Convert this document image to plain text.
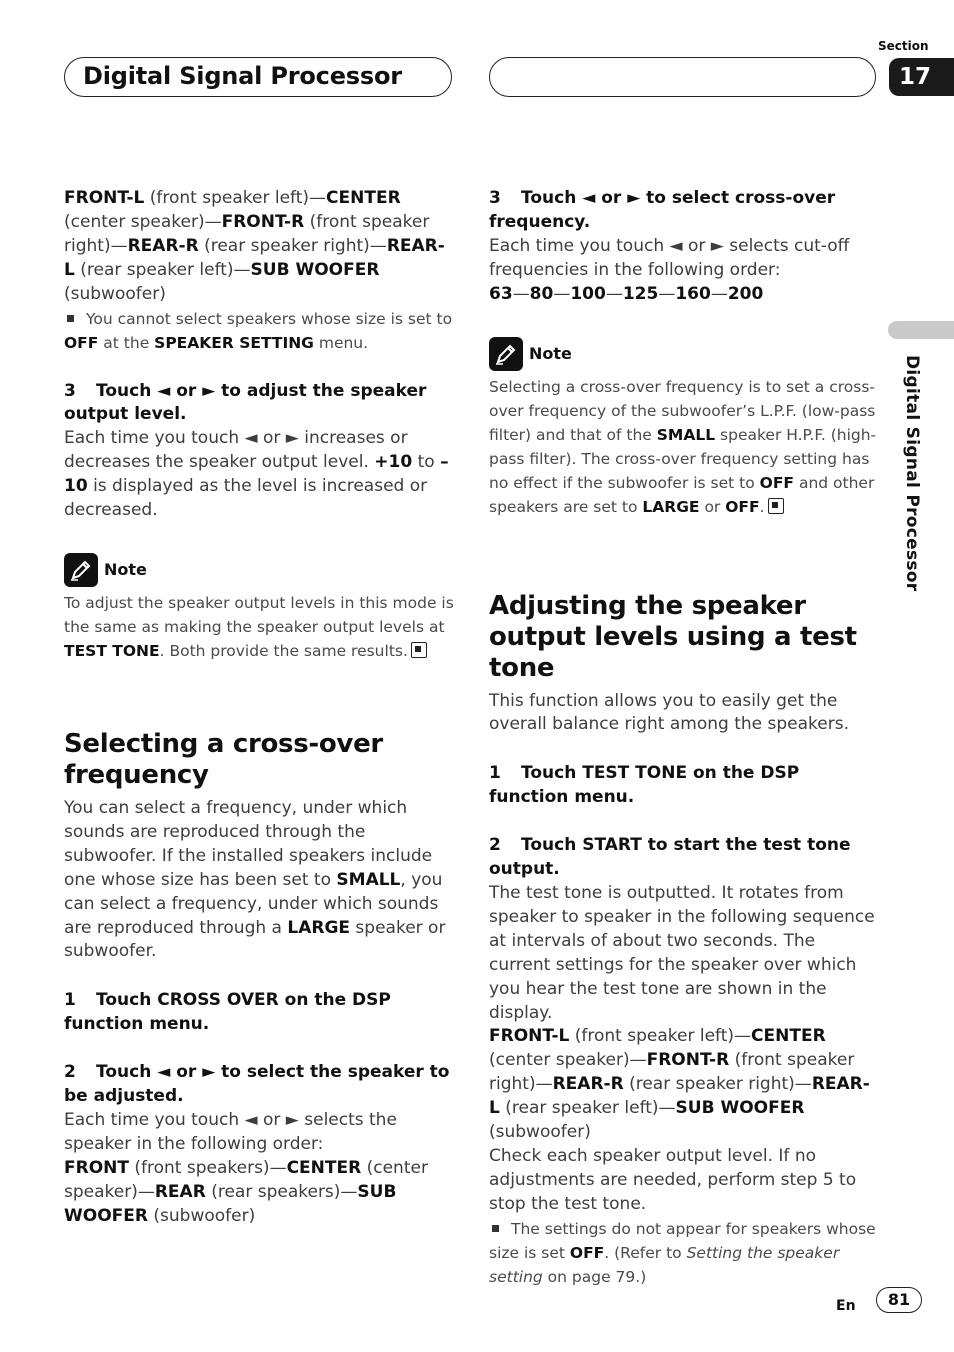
Digital Signal Processor
Section
17
Digital Signal Processor

FRONT-L (front speaker left)—CENTER (center speaker)—FRONT-R (front speaker right)—REAR-R (rear speaker right)—REAR-L (rear speaker left)—SUB WOOFER (subwoofer)

You cannot select speakers whose size is set to OFF at the SPEAKER SETTING menu.

3 Touch ◄ or ► to adjust the speaker output level.

Each time you touch ◄ or ► increases or decreases the speaker output level. +10 to –10 is displayed as the level is increased or decreased.

Note

To adjust the speaker output levels in this mode is the same as making the speaker output levels at TEST TONE. Both provide the same results.

Selecting a cross-over frequency

You can select a frequency, under which sounds are reproduced through the subwoofer. If the installed speakers include one whose size has been set to SMALL, you can select a frequency, under which sounds are reproduced through a LARGE speaker or subwoofer.

1 Touch CROSS OVER on the DSP function menu.

2 Touch ◄ or ► to select the speaker to be adjusted.

Each time you touch ◄ or ► selects the speaker in the following order:

FRONT (front speakers)—CENTER (center speaker)—REAR (rear speakers)—SUB WOOFER (subwoofer)

3 Touch ◄ or ► to select cross-over frequency.

Each time you touch ◄ or ► selects cut-off frequencies in the following order:

63—80—100—125—160—200

Note

Selecting a cross-over frequency is to set a cross-over frequency of the subwoofer’s L.P.F. (low-pass filter) and that of the SMALL speaker H.P.F. (high-pass filter). The cross-over frequency setting has no effect if the subwoofer is set to OFF and other speakers are set to LARGE or OFF.

Adjusting the speaker output levels using a test tone

This function allows you to easily get the overall balance right among the speakers.

1 Touch TEST TONE on the DSP function menu.

2 Touch START to start the test tone output.

The test tone is outputted. It rotates from speaker to speaker in the following sequence at intervals of about two seconds. The current settings for the speaker over which you hear the test tone are shown in the display.

FRONT-L (front speaker left)—CENTER (center speaker)—FRONT-R (front speaker right)—REAR-R (rear speaker right)—REAR-L (rear speaker left)—SUB WOOFER (subwoofer)

Check each speaker output level. If no adjustments are needed, perform step 5 to stop the test tone.

The settings do not appear for speakers whose size is set OFF. (Refer to Setting the speaker setting on page 79.)

En	81
